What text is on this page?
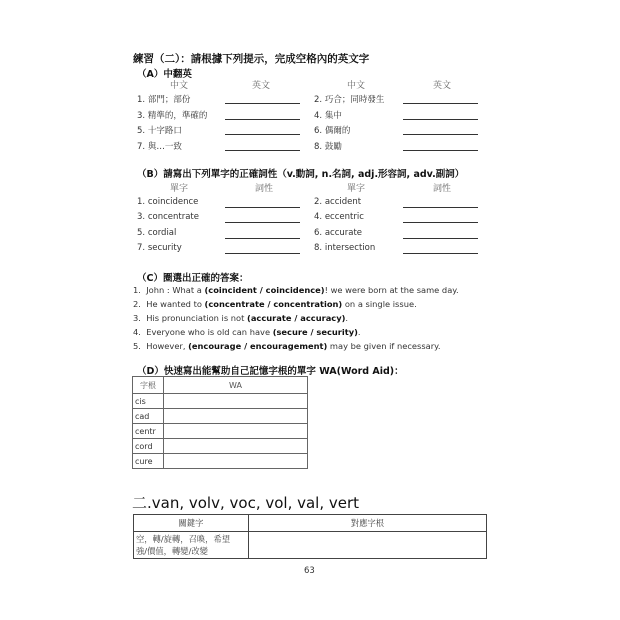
練習（二）：請根據下列提示，完成空格內的英文字
（A）中翻英
中文	英文	中文	英文
1. 部門；部份	2. 巧合；同時發生
3. 精準的，準確的	4. 集中
5. 十字路口	6. 偶爾的
7. 與…一致	8. 鼓勵
（B）請寫出下列單字的正確詞性（v.動詞, n.名詞, adj.形容詞, adv.副詞）
單字	詞性	單字	詞性
1. coincidence	2. accident
3. concentrate	4. eccentric
5. cordial	6. accurate
7. security	8. intersection
（C）圈選出正確的答案：
1. John : What a (coincident / coincidence)! we were born at the same day.
2. He wanted to (concentrate / concentration) on a single issue.
3. His pronunciation is not (accurate / accuracy).
4. Everyone who is old can have (secure / security).
5. However, (encourage / encouragement) may be given if necessary.
（D）快速寫出能幫助自己記憶字根的單字 WA(Word Aid)：
字根	WA
cis	
cad	
centr	
cord	
cure	
二.van, volv, voc, vol, val, vert
關鍵字	對應字根

空，轉/旋轉，召喚，希望
強/價值，轉變/改變	

63
